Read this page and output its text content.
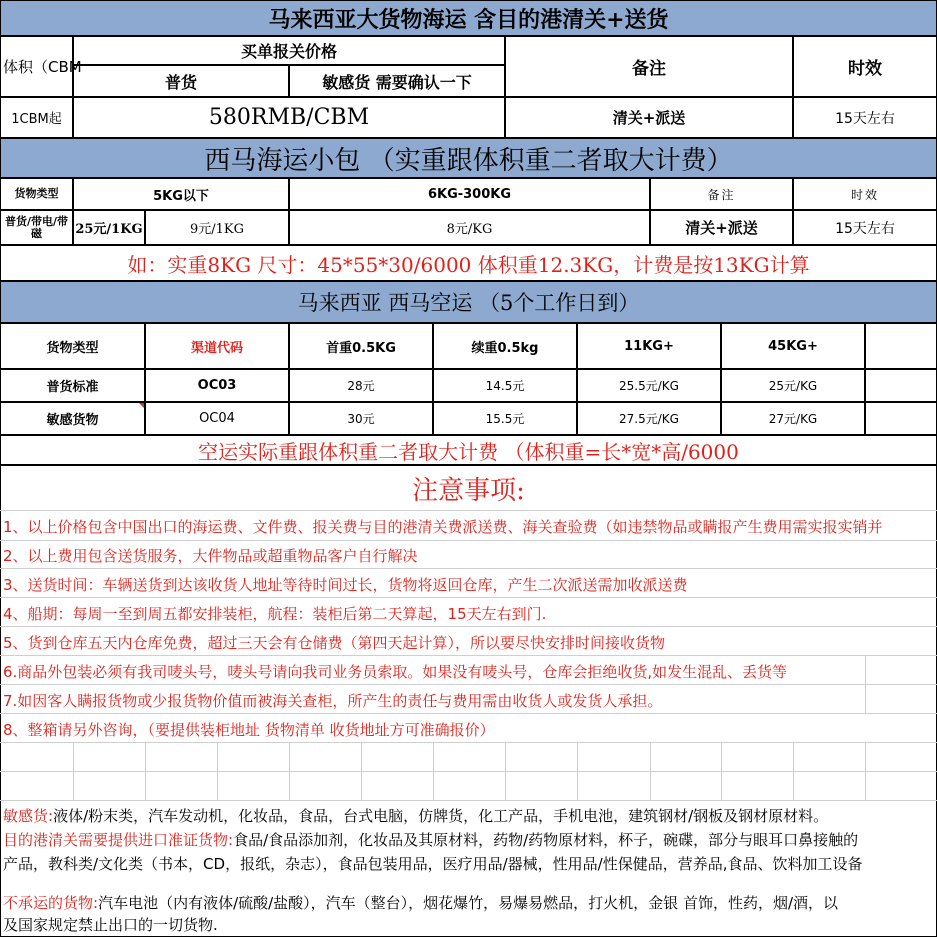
马来西亚大货物海运 含目的港清关+送货
体积（CBM
买单报关价格
普货	敏感货 需要确认一下
备注	时效
1CBM起	580RMB/CBM	清关+派送	15天左右
西马海运小包 （实重跟体积重二者取大计费）
货物类型	5KG以下	6KG-300KG	备注	时效
普货/带电/带磁	25元/1KG	9元/1KG	8元/KG	清关+派送	15天左右
如：实重8KG 尺寸：45*55*30/6000 体积重12.3KG，计费是按13KG计算
马来西亚 西马空运 （5个工作日到）
货物类型	渠道代码	首重0.5KG	续重0.5kg	11KG+	45KG+
普货标准	OC03	28元	14.5元	25.5元/KG	25元/KG
敏感货物	OC04	30元	15.5元	27.5元/KG	27元/KG
空运实际重跟体积重二者取大计费 （体积重=长*宽*高/6000
注意事项:
1、以上价格包含中国出口的海运费、文件费、报关费与目的港清关费派送费、海关查验费（如违禁物品或瞒报产生费用需实报实销并
2、以上费用包含送货服务，大件物品或超重物品客户自行解决
3、送货时间：车辆送货到达该收货人地址等待时间过长，货物将返回仓库，产生二次派送需加收派送费
4、船期：每周一至到周五都安排装柜，航程：装柜后第二天算起，15天左右到门.
5、货到仓库五天内仓库免费，超过三天会有仓储费（第四天起计算），所以要尽快安排时间接收货物
6.商品外包装必须有我司唛头号，唛头号请向我司业务员索取。如果没有唛头号，仓库会拒绝收货,如发生混乱、丢货等
7.如因客人瞒报货物或少报货物价值而被海关查柜，所产生的责任与费用需由收货人或发货人承担。
8、整箱请另外咨询，（要提供装柜地址 货物清单 收货地址方可准确报价）
敏感货:液体/粉末类，汽车发动机，化妆品，食品，台式电脑，仿牌货，化工产品，手机电池，建筑钢材/钢板及钢材原材料。
目的港清关需要提供进口准证货物:食品/食品添加剂，化妆品及其原材料，药物/药物原材料，杯子，碗碟，部分与眼耳口鼻接触的
产品，教科类/文化类（书本，CD，报纸，杂志），食品包装用品，医疗用品/器械，性用品/性保健品，营养品,食品、饮料加工设备
不承运的货物:汽车电池（内有液体/硫酸/盐酸），汽车（整台），烟花爆竹，易爆易燃品，打火机，金银 首饰，性药，烟/酒，以
及国家规定禁止出口的一切货物.
